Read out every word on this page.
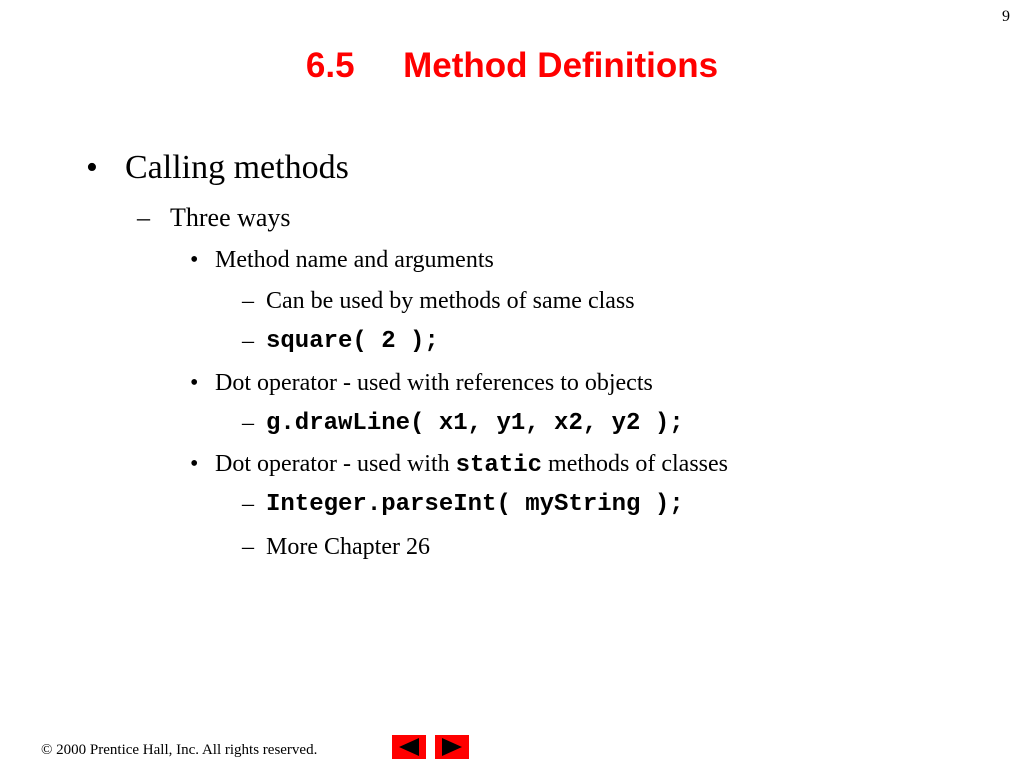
9
6.5     Method Definitions
• Calling methods
– Three ways
• Method name and arguments
– Can be used by methods of same class
– square( 2 );
• Dot operator - used with references to objects
– g.drawLine( x1, y1, x2, y2 );
• Dot operator - used with static methods of classes
– Integer.parseInt( myString );
– More Chapter 26
© 2000 Prentice Hall, Inc. All rights reserved.
